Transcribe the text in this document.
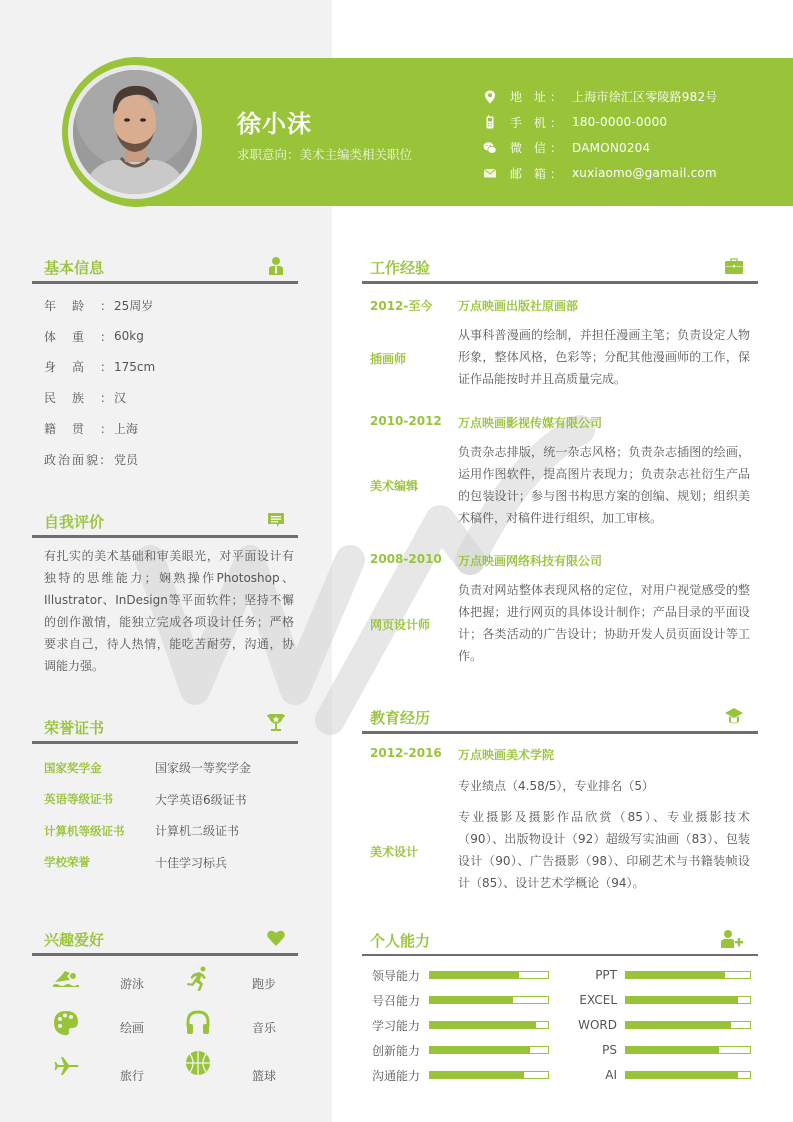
徐小沫
求职意向：美术主编类相关职位
地 址： 上海市徐汇区零陵路982号
手 机： 180-0000-0000
微 信： DAMON0204
邮 箱： xuxiaomo@gamail.com
基本信息
年	龄	： 25周岁
体	重	： 60kg
身	高	： 175cm
民	族	： 汉
籍	贯	： 上海
政治面貌: 党员
自我评价
有扎实的美术基础和审美眼光，对平面设计有独特的思维能力；娴熟操作Photoshop、Illustrator、InDesign等平面软件；坚持不懈的创作激情，能独立完成各项设计任务；严格要求自己，待人热情，能吃苦耐劳，沟通，协调能力强。
荣誉证书
国家奖学金	国家级一等奖学金
英语等级证书	大学英语6级证书
计算机等级证书	计算机二级证书
学校荣誉	十佳学习标兵
兴趣爱好
游泳	跑步
绘画	音乐
旅行	篮球
工作经验
2012-至今 万点映画出版社原画部
插画师
从事科普漫画的绘制，并担任漫画主笔；负责设定人物形象，整体风格，色彩等；分配其他漫画师的工作，保证作品能按时并且高质量完成。
2010-2012 万点映画影视传媒有限公司
美术编辑
负责杂志排版，统一杂志风格；负责杂志插图的绘画，运用作图软件，提高图片表现力；负责杂志社衍生产品的包装设计；参与图书构思方案的创编、规划；组织美术稿件，对稿件进行组织，加工审核。
2008-2010 万点映画网络科技有限公司
网页设计师
负责对网站整体表现风格的定位，对用户视觉感受的整体把握；进行网页的具体设计制作；产品目录的平面设计；各类活动的广告设计；协助开发人员页面设计等工作。
教育经历
2012-2016 万点映画美术学院
专业绩点（4.58/5），专业排名（5）
美术设计
专业摄影及摄影作品欣赏（85）、专业摄影技术（90）、出版物设计（92）超级写实油画（83）、包装设计（90）、广告摄影（98）、印刷艺术与书籍装帧设计（85）、设计艺术学概论（94）。
个人能力
领导能力
号召能力
学习能力
创新能力
沟通能力
PPT
EXCEL
WORD
PS
AI
